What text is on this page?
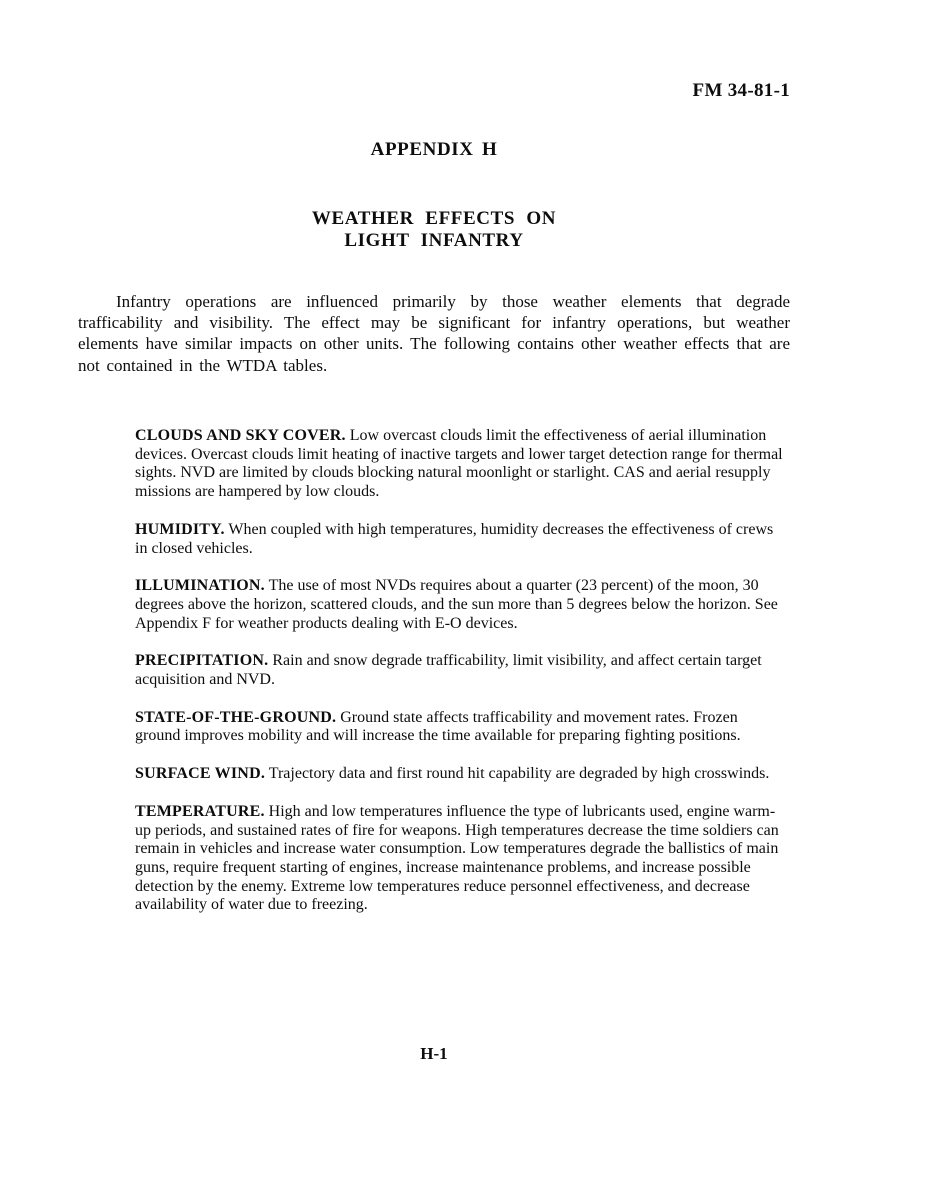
FM 34-81-1
APPENDIX H
WEATHER EFFECTS ON
LIGHT INFANTRY

Infantry operations are influenced primarily by those weather elements that degrade trafficability and visibility. The effect may be significant for infantry operations, but weather elements have similar impacts on other units. The following contains other weather effects that are not contained in the WTDA tables.

CLOUDS AND SKY COVER. Low overcast clouds limit the effectiveness of aerial illumination devices. Overcast clouds limit heating of inactive targets and lower target detection range for thermal sights. NVD are limited by clouds blocking natural moonlight or starlight. CAS and aerial resupply missions are hampered by low clouds.

HUMIDITY. When coupled with high temperatures, humidity decreases the effectiveness of crews in closed vehicles.

ILLUMINATION. The use of most NVDs requires about a quarter (23 percent) of the moon, 30 degrees above the horizon, scattered clouds, and the sun more than 5 degrees below the horizon. See Appendix F for weather products dealing with E-O devices.

PRECIPITATION. Rain and snow degrade trafficability, limit visibility, and affect certain target acquisition and NVD.

STATE-OF-THE-GROUND. Ground state affects trafficability and movement rates. Frozen ground improves mobility and will increase the time available for preparing fighting positions.

SURFACE WIND. Trajectory data and first round hit capability are degraded by high crosswinds.

TEMPERATURE. High and low temperatures influence the type of lubricants used, engine warm-up periods, and sustained rates of fire for weapons. High temperatures decrease the time soldiers can remain in vehicles and increase water consumption. Low temperatures degrade the ballistics of main guns, require frequent starting of engines, increase maintenance problems, and increase possible detection by the enemy. Extreme low temperatures reduce personnel effectiveness, and decrease availability of water due to freezing.

H-1
